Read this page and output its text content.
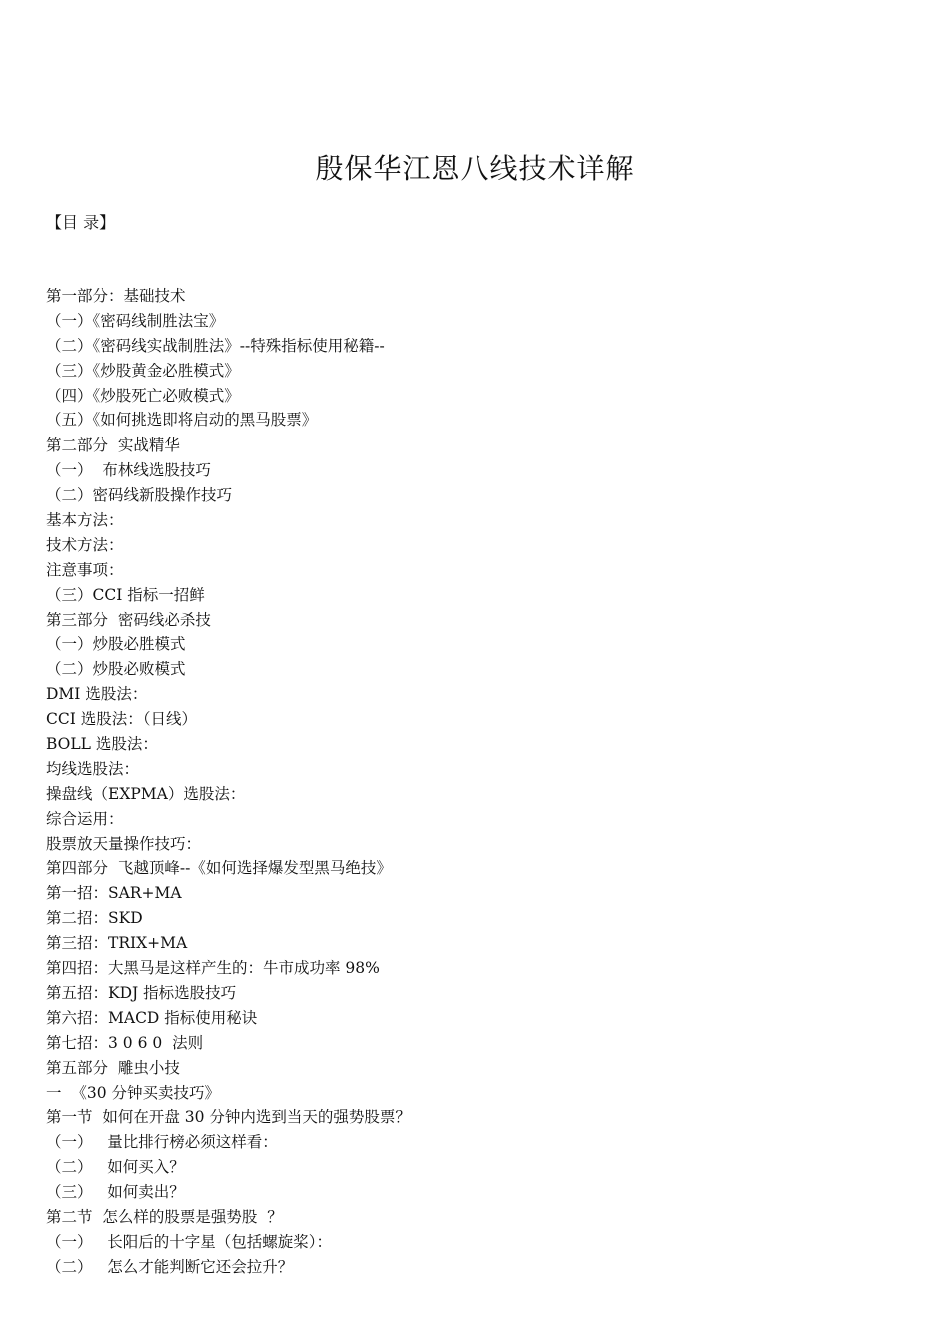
殷保华江恩八线技术详解
【目 录】
第一部分：基础技术
（一）《密码线制胜法宝》
（二）《密码线实战制胜法》--特殊指标使用秘籍--
（三）《炒股黄金必胜模式》
（四）《炒股死亡必败模式》
（五）《如何挑选即将启动的黑马股票》
第二部分  实战精华
（一）  布林线选股技巧
（二）密码线新股操作技巧
基本方法：
技术方法：
注意事项：
（三）CCI 指标一招鲜
第三部分  密码线必杀技
（一）炒股必胜模式
（二）炒股必败模式
DMI 选股法：
CCI 选股法：（日线）
BOLL 选股法：
均线选股法：
操盘线（EXPMA）选股法：
综合运用：
股票放天量操作技巧：
第四部分  飞越顶峰--《如何选择爆发型黑马绝技》
第一招：SAR+MA
第二招：SKD
第三招：TRIX+MA
第四招：大黑马是这样产生的：牛市成功率 98%
第五招：KDJ 指标选股技巧
第六招：MACD 指标使用秘诀
第七招：3 0 6 0  法则
第五部分  雕虫小技
一  《30 分钟买卖技巧》
第一节  如何在开盘 30 分钟内选到当天的强势股票？
（一）   量比排行榜必须这样看：
（二）   如何买入？
（三）   如何卖出？
第二节  怎么样的股票是强势股  ？
（一）   长阳后的十字星（包括螺旋桨）：
（二）   怎么才能判断它还会拉升？
